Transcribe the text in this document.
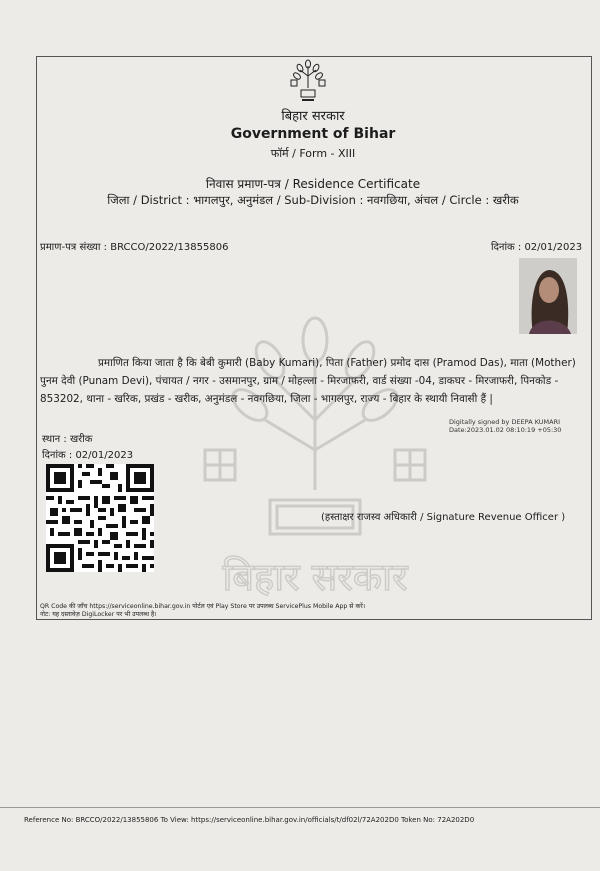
बिहार सरकार
बिहार सरकार
Government of Bihar
फॉर्म / Form - XIII
निवास प्रमाण-पत्र / Residence Certificate
जिला / District : भागलपुर, अनुमंडल / Sub-Division : नवगछिया, अंचल / Circle : खरीक
प्रमाण-पत्र संख्या : BRCCO/2022/13855806	दिनांक : 02/01/2023
प्रमाणित किया जाता है कि बेबी कुमारी (Baby Kumari), पिता (Father) प्रमोद दास (Pramod Das), माता (Mother) पुनम देवी (Punam Devi), पंचायत / नगर - उसमानपुर, ग्राम / मोहल्ला - मिरजाफरी, वार्ड संख्या -04, डाकघर - मिरजाफरी, पिनकोड - 853202, थाना - खरिक, प्रखंड - खरीक, अनुमंडल - नवगछिया, जिला - भागलपुर, राज्य - बिहार के स्थायी निवासी हैं |
स्थान : खरीक
दिनांक : 02/01/2023
Digitally signed by DEEPA KUMARI
Date:2023.01.02 08:10:19 +05:30
(हस्ताक्षर राजस्व अधिकारी / Signature Revenue Officer )
QR Code की जाँच https://serviceonline.bihar.gov.in पोर्टल एवं Play Store पर उपलब्ध ServicePlus Mobile App से करें।
नोट: यह दस्तावेज़ DigiLocker पर भी उपलब्ध है।
Reference No: BRCCO/2022/13855806 To View: https://serviceonline.bihar.gov.in/officials/t/df02l/72A202D0 Token No: 72A202D0
